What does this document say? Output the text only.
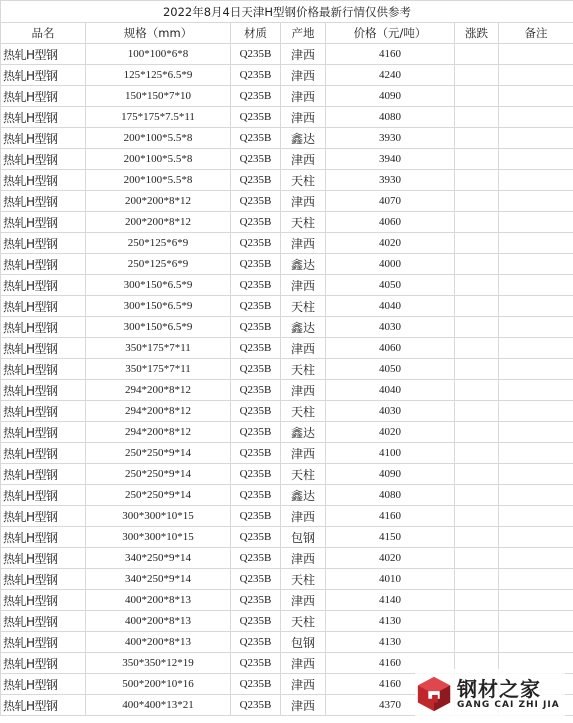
2022年8月4日天津H型钢价格最新行情仅供参考						
品名	规格（mm）	材质	产地	价格（元/吨）	涨跌	备注
热轧H型钢	100*100*6*8	Q235B	津西	4160		
热轧H型钢	125*125*6.5*9	Q235B	津西	4240		
热轧H型钢	150*150*7*10	Q235B	津西	4090		
热轧H型钢	175*175*7.5*11	Q235B	津西	4080		
热轧H型钢	200*100*5.5*8	Q235B	鑫达	3930		
热轧H型钢	200*100*5.5*8	Q235B	津西	3940		
热轧H型钢	200*100*5.5*8	Q235B	天柱	3930		
热轧H型钢	200*200*8*12	Q235B	津西	4070		
热轧H型钢	200*200*8*12	Q235B	天柱	4060		
热轧H型钢	250*125*6*9	Q235B	津西	4020		
热轧H型钢	250*125*6*9	Q235B	鑫达	4000		
热轧H型钢	300*150*6.5*9	Q235B	津西	4050		
热轧H型钢	300*150*6.5*9	Q235B	天柱	4040		
热轧H型钢	300*150*6.5*9	Q235B	鑫达	4030		
热轧H型钢	350*175*7*11	Q235B	津西	4060		
热轧H型钢	350*175*7*11	Q235B	天柱	4050		
热轧H型钢	294*200*8*12	Q235B	津西	4040		
热轧H型钢	294*200*8*12	Q235B	天柱	4030		
热轧H型钢	294*200*8*12	Q235B	鑫达	4020		
热轧H型钢	250*250*9*14	Q235B	津西	4100		
热轧H型钢	250*250*9*14	Q235B	天柱	4090		
热轧H型钢	250*250*9*14	Q235B	鑫达	4080		
热轧H型钢	300*300*10*15	Q235B	津西	4160		
热轧H型钢	300*300*10*15	Q235B	包钢	4150		
热轧H型钢	340*250*9*14	Q235B	津西	4020		
热轧H型钢	340*250*9*14	Q235B	天柱	4010		
热轧H型钢	400*200*8*13	Q235B	津西	4140		
热轧H型钢	400*200*8*13	Q235B	天柱	4130		
热轧H型钢	400*200*8*13	Q235B	包钢	4130		
热轧H型钢	350*350*12*19	Q235B	津西	4160		
热轧H型钢	500*200*10*16	Q235B	津西	4160		
热轧H型钢	400*400*13*21	Q235B	津西	4370		
钢材之家
GANG CAI ZHI JIA
